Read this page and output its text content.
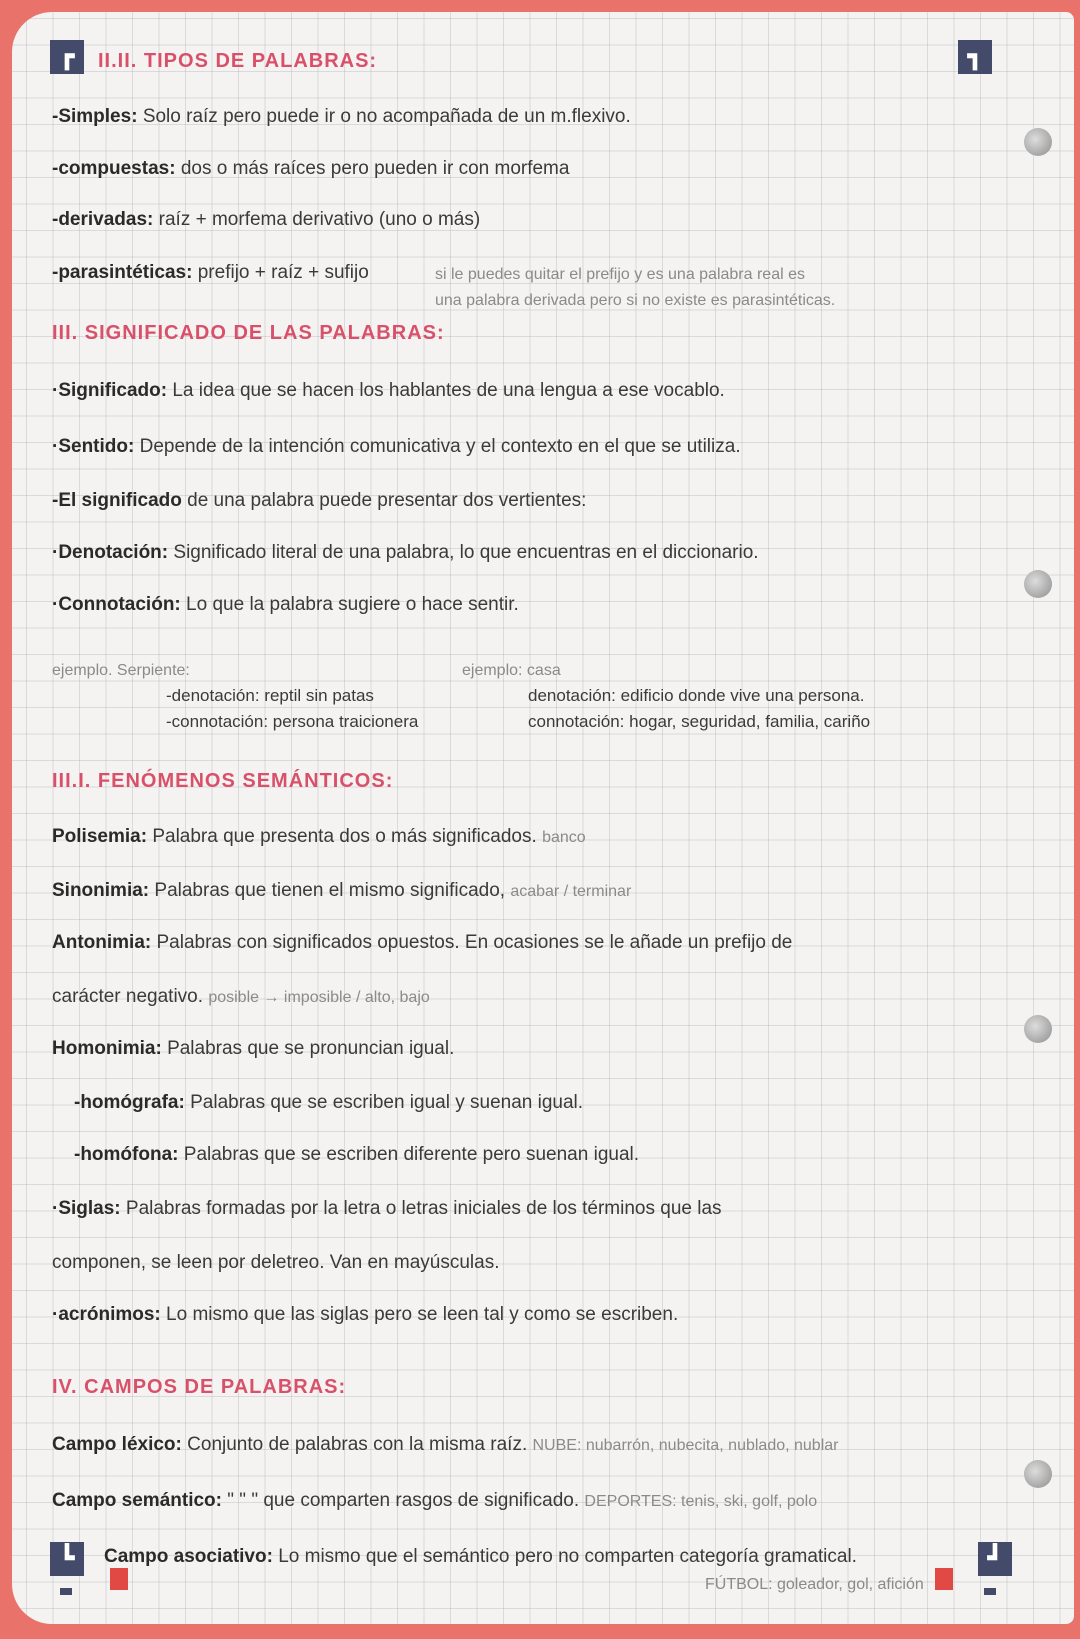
┏	┓
┗	┛
II.II. TIPOS DE PALABRAS:
-Simples: Solo raíz pero puede ir o no acompañada de un m.flexivo.
-compuestas: dos o más raíces pero pueden ir con morfema
-derivadas: raíz + morfema derivativo (uno o más)
-parasintéticas: prefijo + raíz + sufijo	si le puedes quitar el prefijo y es una palabra real es
una palabra derivada pero si no existe es parasintéticas.
III. SIGNIFICADO DE LAS PALABRAS:
·Significado: La idea que se hacen los hablantes de una lengua a ese vocablo.
·Sentido: Depende de la intención comunicativa y el contexto en el que se utiliza.
-El significado de una palabra puede presentar dos vertientes:
·Denotación: Significado literal de una palabra, lo que encuentras en el diccionario.
·Connotación: Lo que la palabra sugiere o hace sentir.
ejemplo. Serpiente:
-denotación: reptil sin patas
-connotación: persona traicionera
ejemplo: casa
denotación: edificio donde vive una persona.
connotación: hogar, seguridad, familia, cariño
III.I. FENÓMENOS SEMÁNTICOS:
Polisemia: Palabra que presenta dos o más significados. banco
Sinonimia: Palabras que tienen el mismo significado, acabar / terminar
Antonimia: Palabras con significados opuestos. En ocasiones se le añade un prefijo de
carácter negativo. posible → imposible / alto, bajo
Homonimia: Palabras que se pronuncian igual.
-homógrafa: Palabras que se escriben igual y suenan igual.
-homófona: Palabras que se escriben diferente pero suenan igual.
·Siglas: Palabras formadas por la letra o letras iniciales de los términos que las
componen, se leen por deletreo. Van en mayúsculas.
·acrónimos: Lo mismo que las siglas pero se leen tal y como se escriben.
IV. CAMPOS DE PALABRAS:
Campo léxico: Conjunto de palabras con la misma raíz. NUBE: nubarrón, nubecita, nublado, nublar
Campo semántico: " " " que comparten rasgos de significado. DEPORTES: tenis, ski, golf, polo
Campo asociativo: Lo mismo que el semántico pero no comparten categoría gramatical.
FÚTBOL: goleador, gol, afición
